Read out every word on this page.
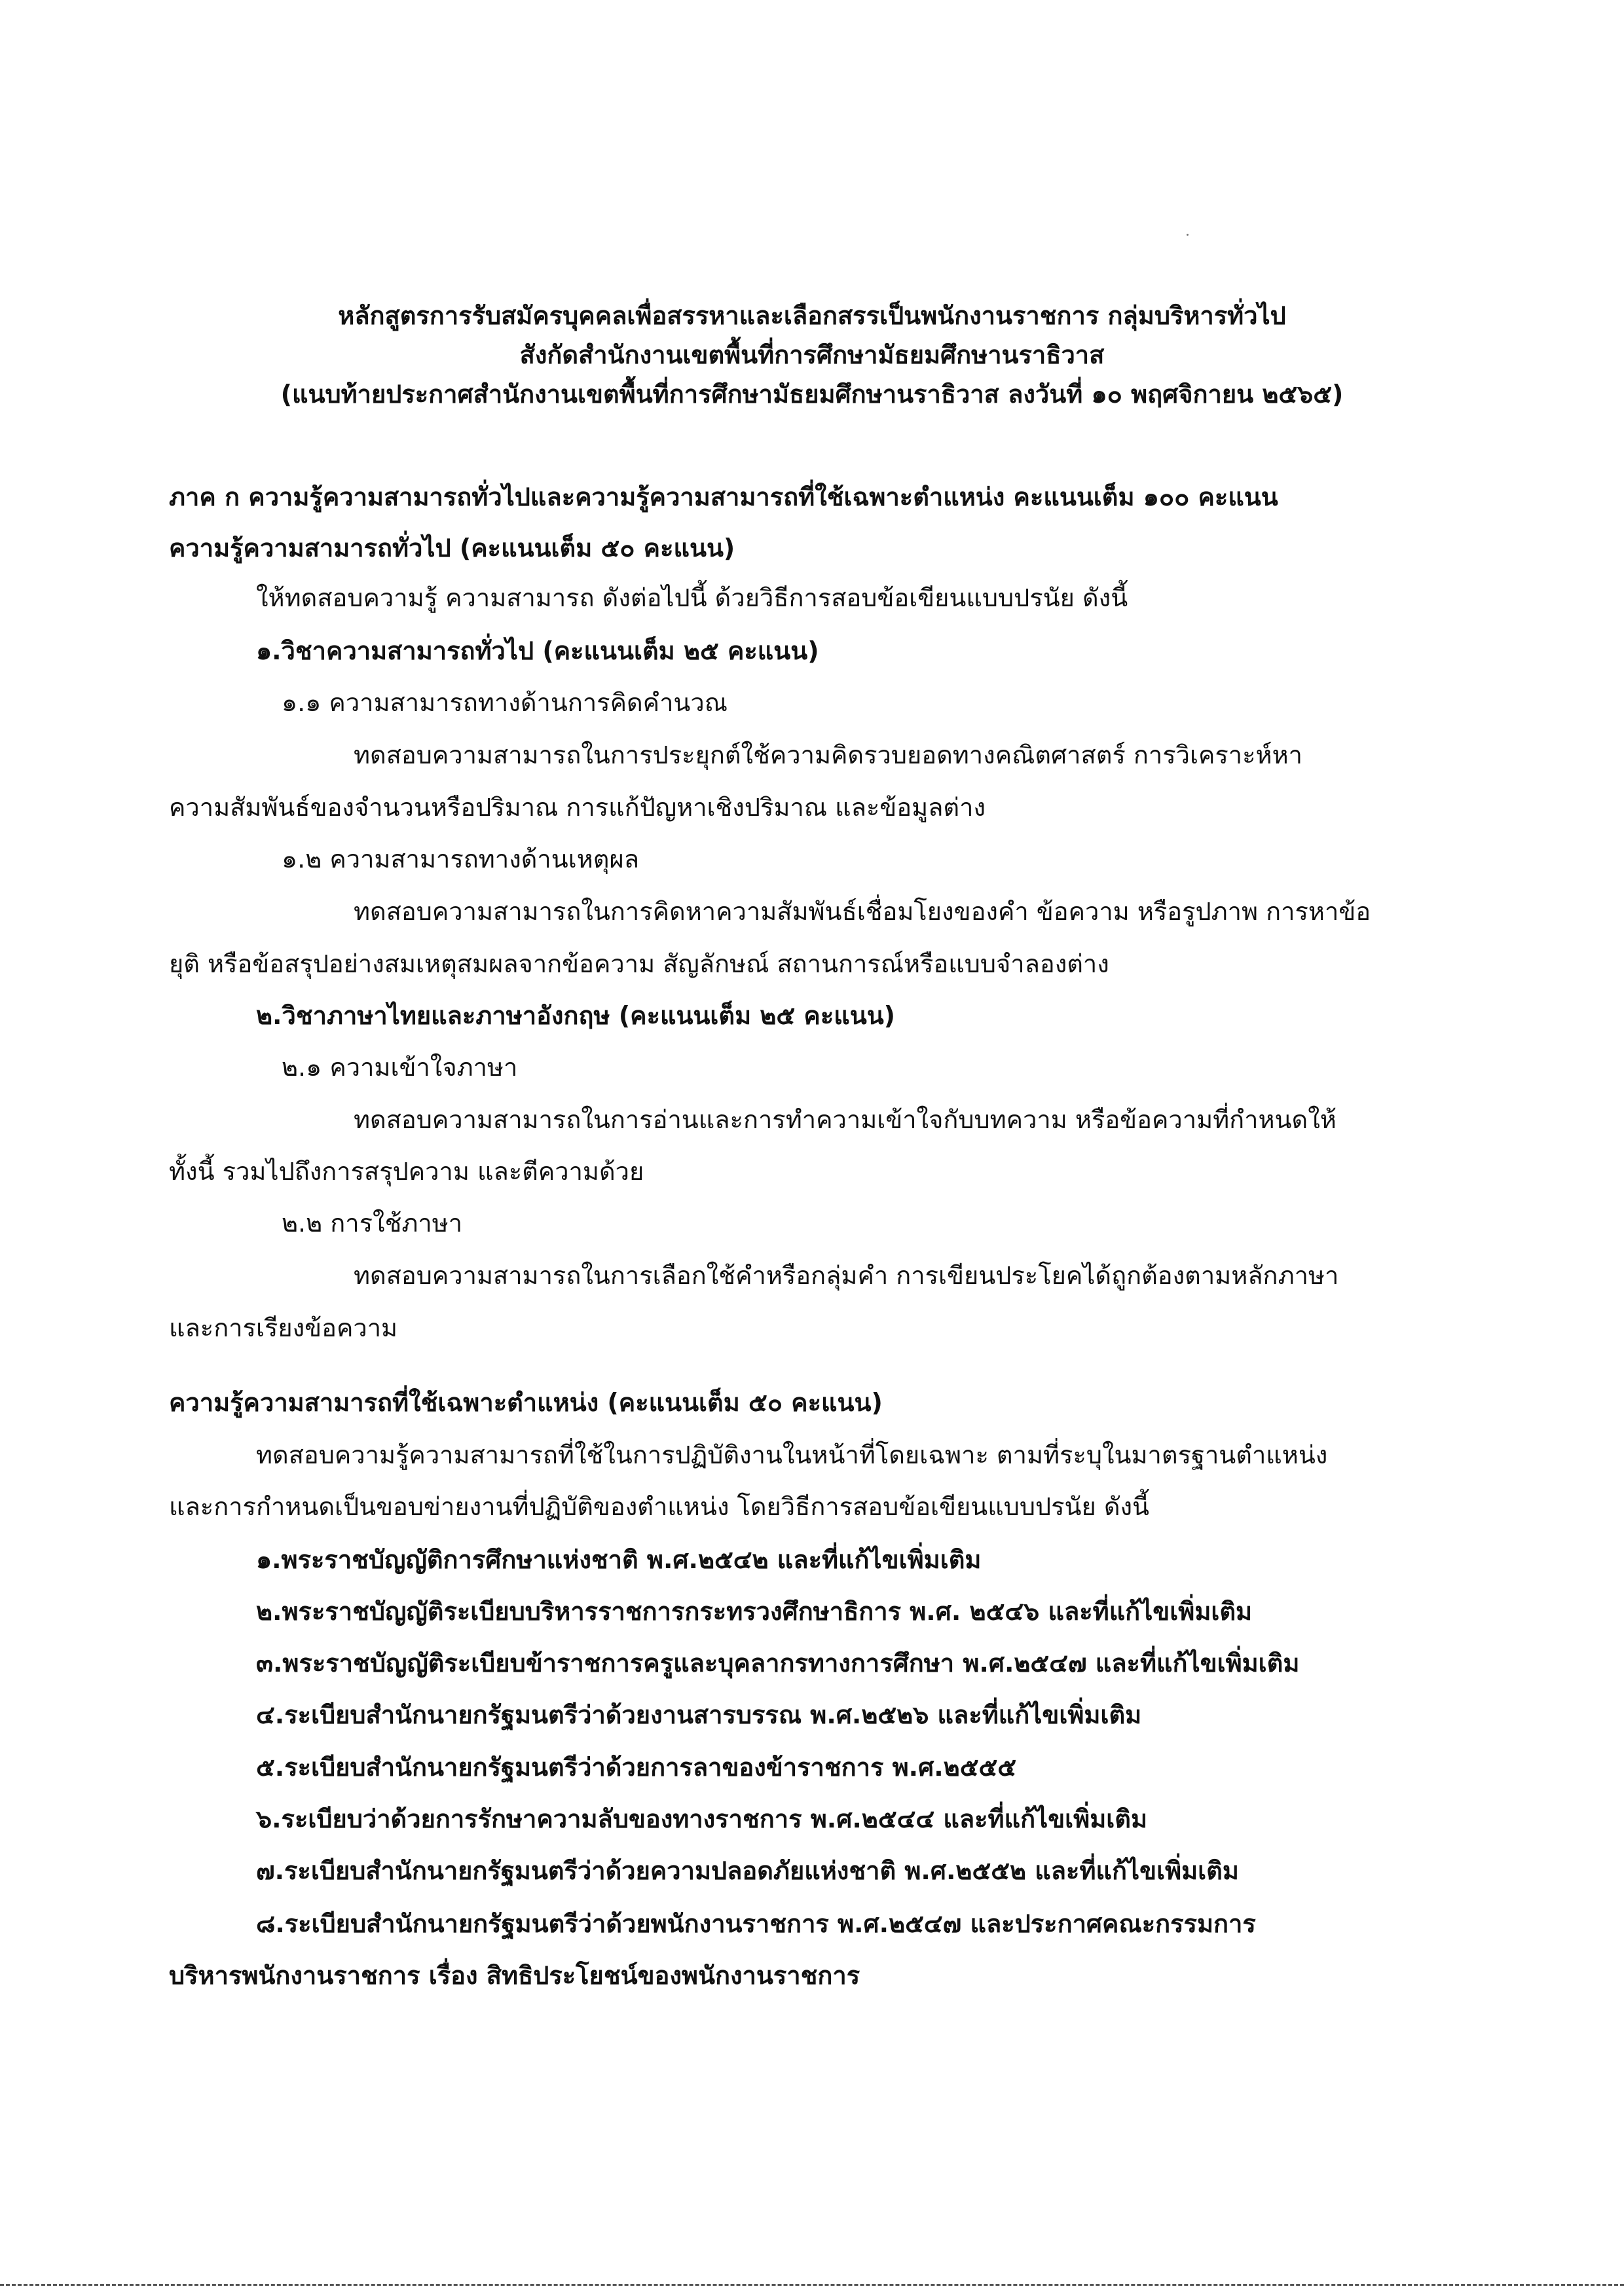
หลักสูตรการรับสมัครบุคคลเพื่อสรรหาและเลือกสรรเป็นพนักงานราชการ กลุ่มบริหารทั่วไป
สังกัดสำนักงานเขตพื้นที่การศึกษามัธยมศึกษานราธิวาส
(แนบท้ายประกาศสำนักงานเขตพื้นที่การศึกษามัธยมศึกษานราธิวาส ลงวันที่ ๑๐ พฤศจิกายน ๒๕๖๕)
ภาค ก ความรู้ความสามารถทั่วไปและความรู้ความสามารถที่ใช้เฉพาะตำแหน่ง คะแนนเต็ม ๑๐๐ คะแนน
ความรู้ความสามารถทั่วไป (คะแนนเต็ม ๕๐ คะแนน)
ให้ทดสอบความรู้ ความสามารถ ดังต่อไปนี้ ด้วยวิธีการสอบข้อเขียนแบบปรนัย ดังนี้
๑.วิชาความสามารถทั่วไป (คะแนนเต็ม ๒๕ คะแนน)
๑.๑ ความสามารถทางด้านการคิดคำนวณ
ทดสอบความสามารถในการประยุกต์ใช้ความคิดรวบยอดทางคณิตศาสตร์ การวิเคราะห์หา
ความสัมพันธ์ของจำนวนหรือปริมาณ การแก้ปัญหาเชิงปริมาณ และข้อมูลต่าง
๑.๒ ความสามารถทางด้านเหตุผล
ทดสอบความสามารถในการคิดหาความสัมพันธ์เชื่อมโยงของคำ ข้อความ หรือรูปภาพ การหาข้อ
ยุติ หรือข้อสรุปอย่างสมเหตุสมผลจากข้อความ สัญลักษณ์ สถานการณ์หรือแบบจำลองต่าง
๒.วิชาภาษาไทยและภาษาอังกฤษ (คะแนนเต็ม ๒๕ คะแนน)
๒.๑ ความเข้าใจภาษา
ทดสอบความสามารถในการอ่านและการทำความเข้าใจกับบทความ หรือข้อความที่กำหนดให้
ทั้งนี้ รวมไปถึงการสรุปความ และตีความด้วย
๒.๒ การใช้ภาษา
ทดสอบความสามารถในการเลือกใช้คำหรือกลุ่มคำ การเขียนประโยคได้ถูกต้องตามหลักภาษา
และการเรียงข้อความ
ความรู้ความสามารถที่ใช้เฉพาะตำแหน่ง (คะแนนเต็ม ๕๐ คะแนน)
ทดสอบความรู้ความสามารถที่ใช้ในการปฏิบัติงานในหน้าที่โดยเฉพาะ ตามที่ระบุในมาตรฐานตำแหน่ง
และการกำหนดเป็นขอบข่ายงานที่ปฏิบัติของตำแหน่ง โดยวิธีการสอบข้อเขียนแบบปรนัย ดังนี้
๑.พระราชบัญญัติการศึกษาแห่งชาติ พ.ศ.๒๕๔๒ และที่แก้ไขเพิ่มเติม
๒.พระราชบัญญัติระเบียบบริหารราชการกระทรวงศึกษาธิการ พ.ศ. ๒๕๔๖ และที่แก้ไขเพิ่มเติม
๓.พระราชบัญญัติระเบียบข้าราชการครูและบุคลากรทางการศึกษา พ.ศ.๒๕๔๗ และที่แก้ไขเพิ่มเติม
๔.ระเบียบสำนักนายกรัฐมนตรีว่าด้วยงานสารบรรณ พ.ศ.๒๕๒๖ และที่แก้ไขเพิ่มเติม
๕.ระเบียบสำนักนายกรัฐมนตรีว่าด้วยการลาของข้าราชการ พ.ศ.๒๕๕๕
๖.ระเบียบว่าด้วยการรักษาความลับของทางราชการ พ.ศ.๒๕๔๔ และที่แก้ไขเพิ่มเติม
๗.ระเบียบสำนักนายกรัฐมนตรีว่าด้วยความปลอดภัยแห่งชาติ พ.ศ.๒๕๕๒ และที่แก้ไขเพิ่มเติม
๘.ระเบียบสำนักนายกรัฐมนตรีว่าด้วยพนักงานราชการ พ.ศ.๒๕๔๗ และประกาศคณะกรรมการ
บริหารพนักงานราชการ เรื่อง สิทธิประโยชน์ของพนักงานราชการ
